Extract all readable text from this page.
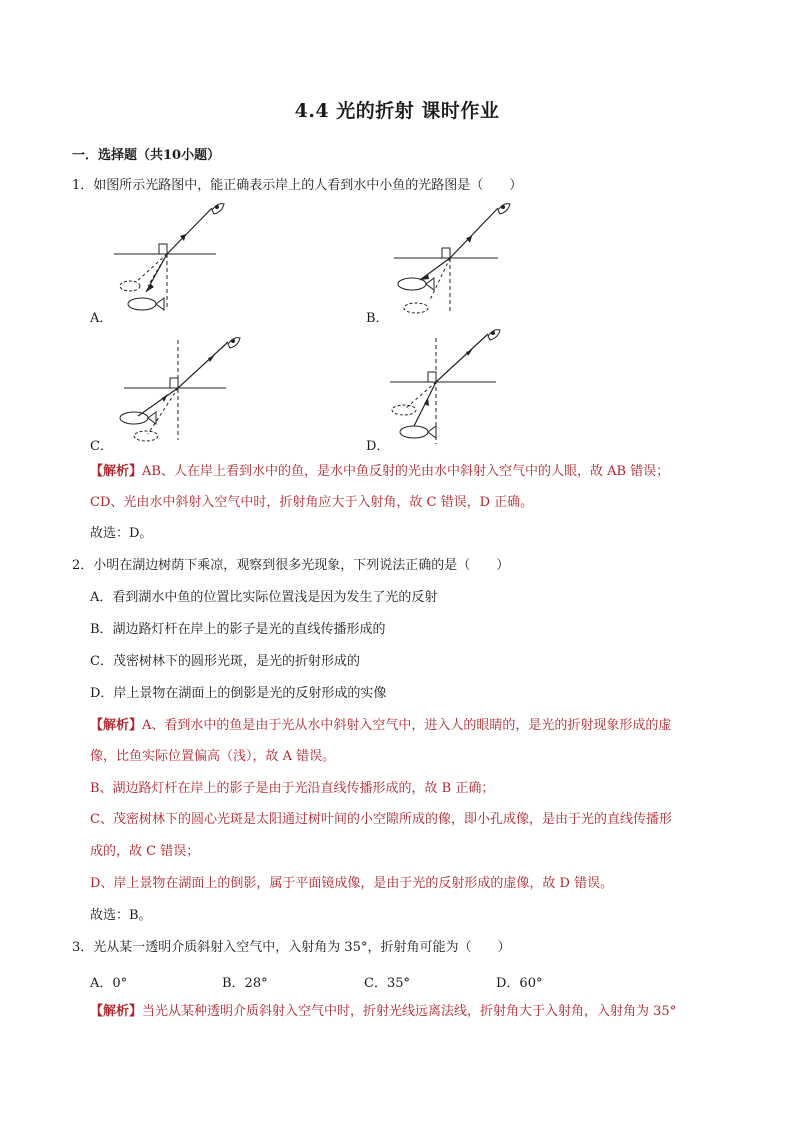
4.4 光的折射 课时作业
一．选择题（共10小题）
1．如图所示光路图中，能正确表示岸上的人看到水中小鱼的光路图是（　　）
A．	B．
C．	D．
【解析】AB、人在岸上看到水中的鱼，是水中鱼反射的光由水中斜射入空气中的人眼，故 AB 错误；
CD、光由水中斜射入空气中时，折射角应大于入射角，故 C 错误，D 正确。
故选：D。
2．小明在湖边树荫下乘凉，观察到很多光现象，下列说法正确的是（　　）
A．看到湖水中鱼的位置比实际位置浅是因为发生了光的反射
B．湖边路灯杆在岸上的影子是光的直线传播形成的
C．茂密树林下的圆形光斑，是光的折射形成的
D．岸上景物在湖面上的倒影是光的反射形成的实像
【解析】A、看到水中的鱼是由于光从水中斜射入空气中，进入人的眼睛的，是光的折射现象形成的虚
像，比鱼实际位置偏高（浅），故 A 错误。
B、湖边路灯杆在岸上的影子是由于光沿直线传播形成的，故 B 正确；
C、茂密树林下的圆心光斑是太阳通过树叶间的小空隙所成的像，即小孔成像，是由于光的直线传播形
成的，故 C 错误；
D、岸上景物在湖面上的倒影，属于平面镜成像，是由于光的反射形成的虚像，故 D 错误。
故选：B。
3．光从某一透明介质斜射入空气中，入射角为 35°，折射角可能为（　　）
A．0°	B．28°	C．35°	D．60°
【解析】当光从某种透明介质斜射入空气中时，折射光线远离法线，折射角大于入射角，入射角为 35°
